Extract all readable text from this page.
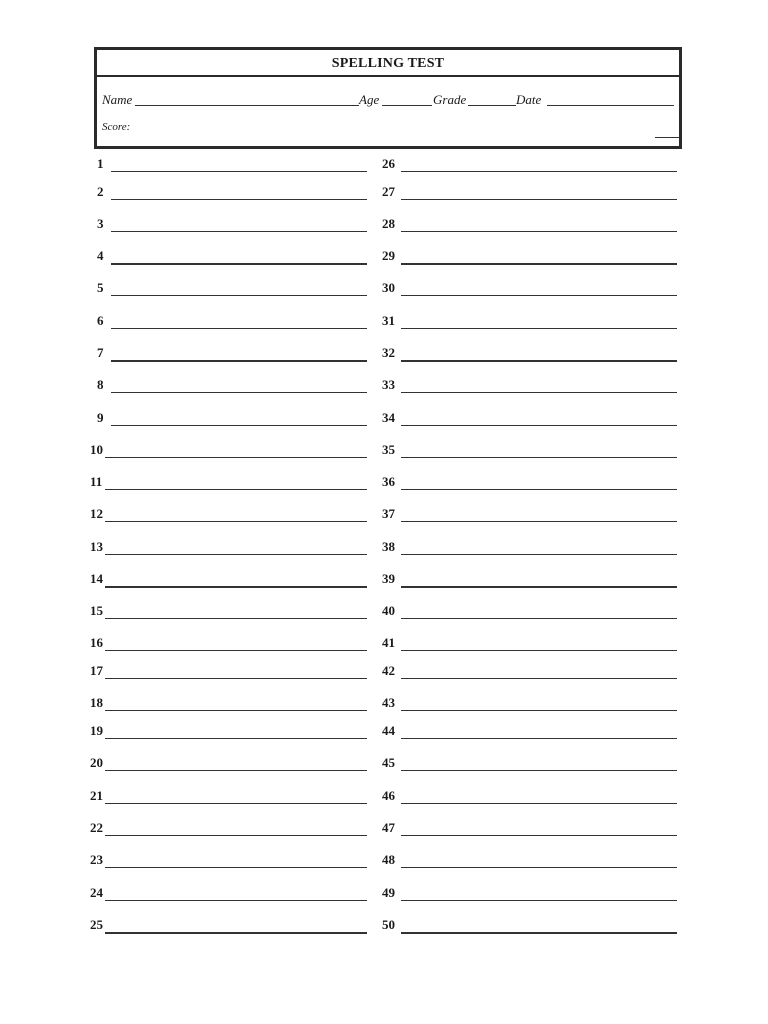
SPELLING TEST
Name	Age	Grade	Date
Score:
1
2
3
4
5
6
7
8
9
10
11
12
13
14
15
16
17
18
19
20
21
22
23
24
25
26
27
28
29
30
31
32
33
34
35
36
37
38
39
40
41
42
43
44
45
46
47
48
49
50
